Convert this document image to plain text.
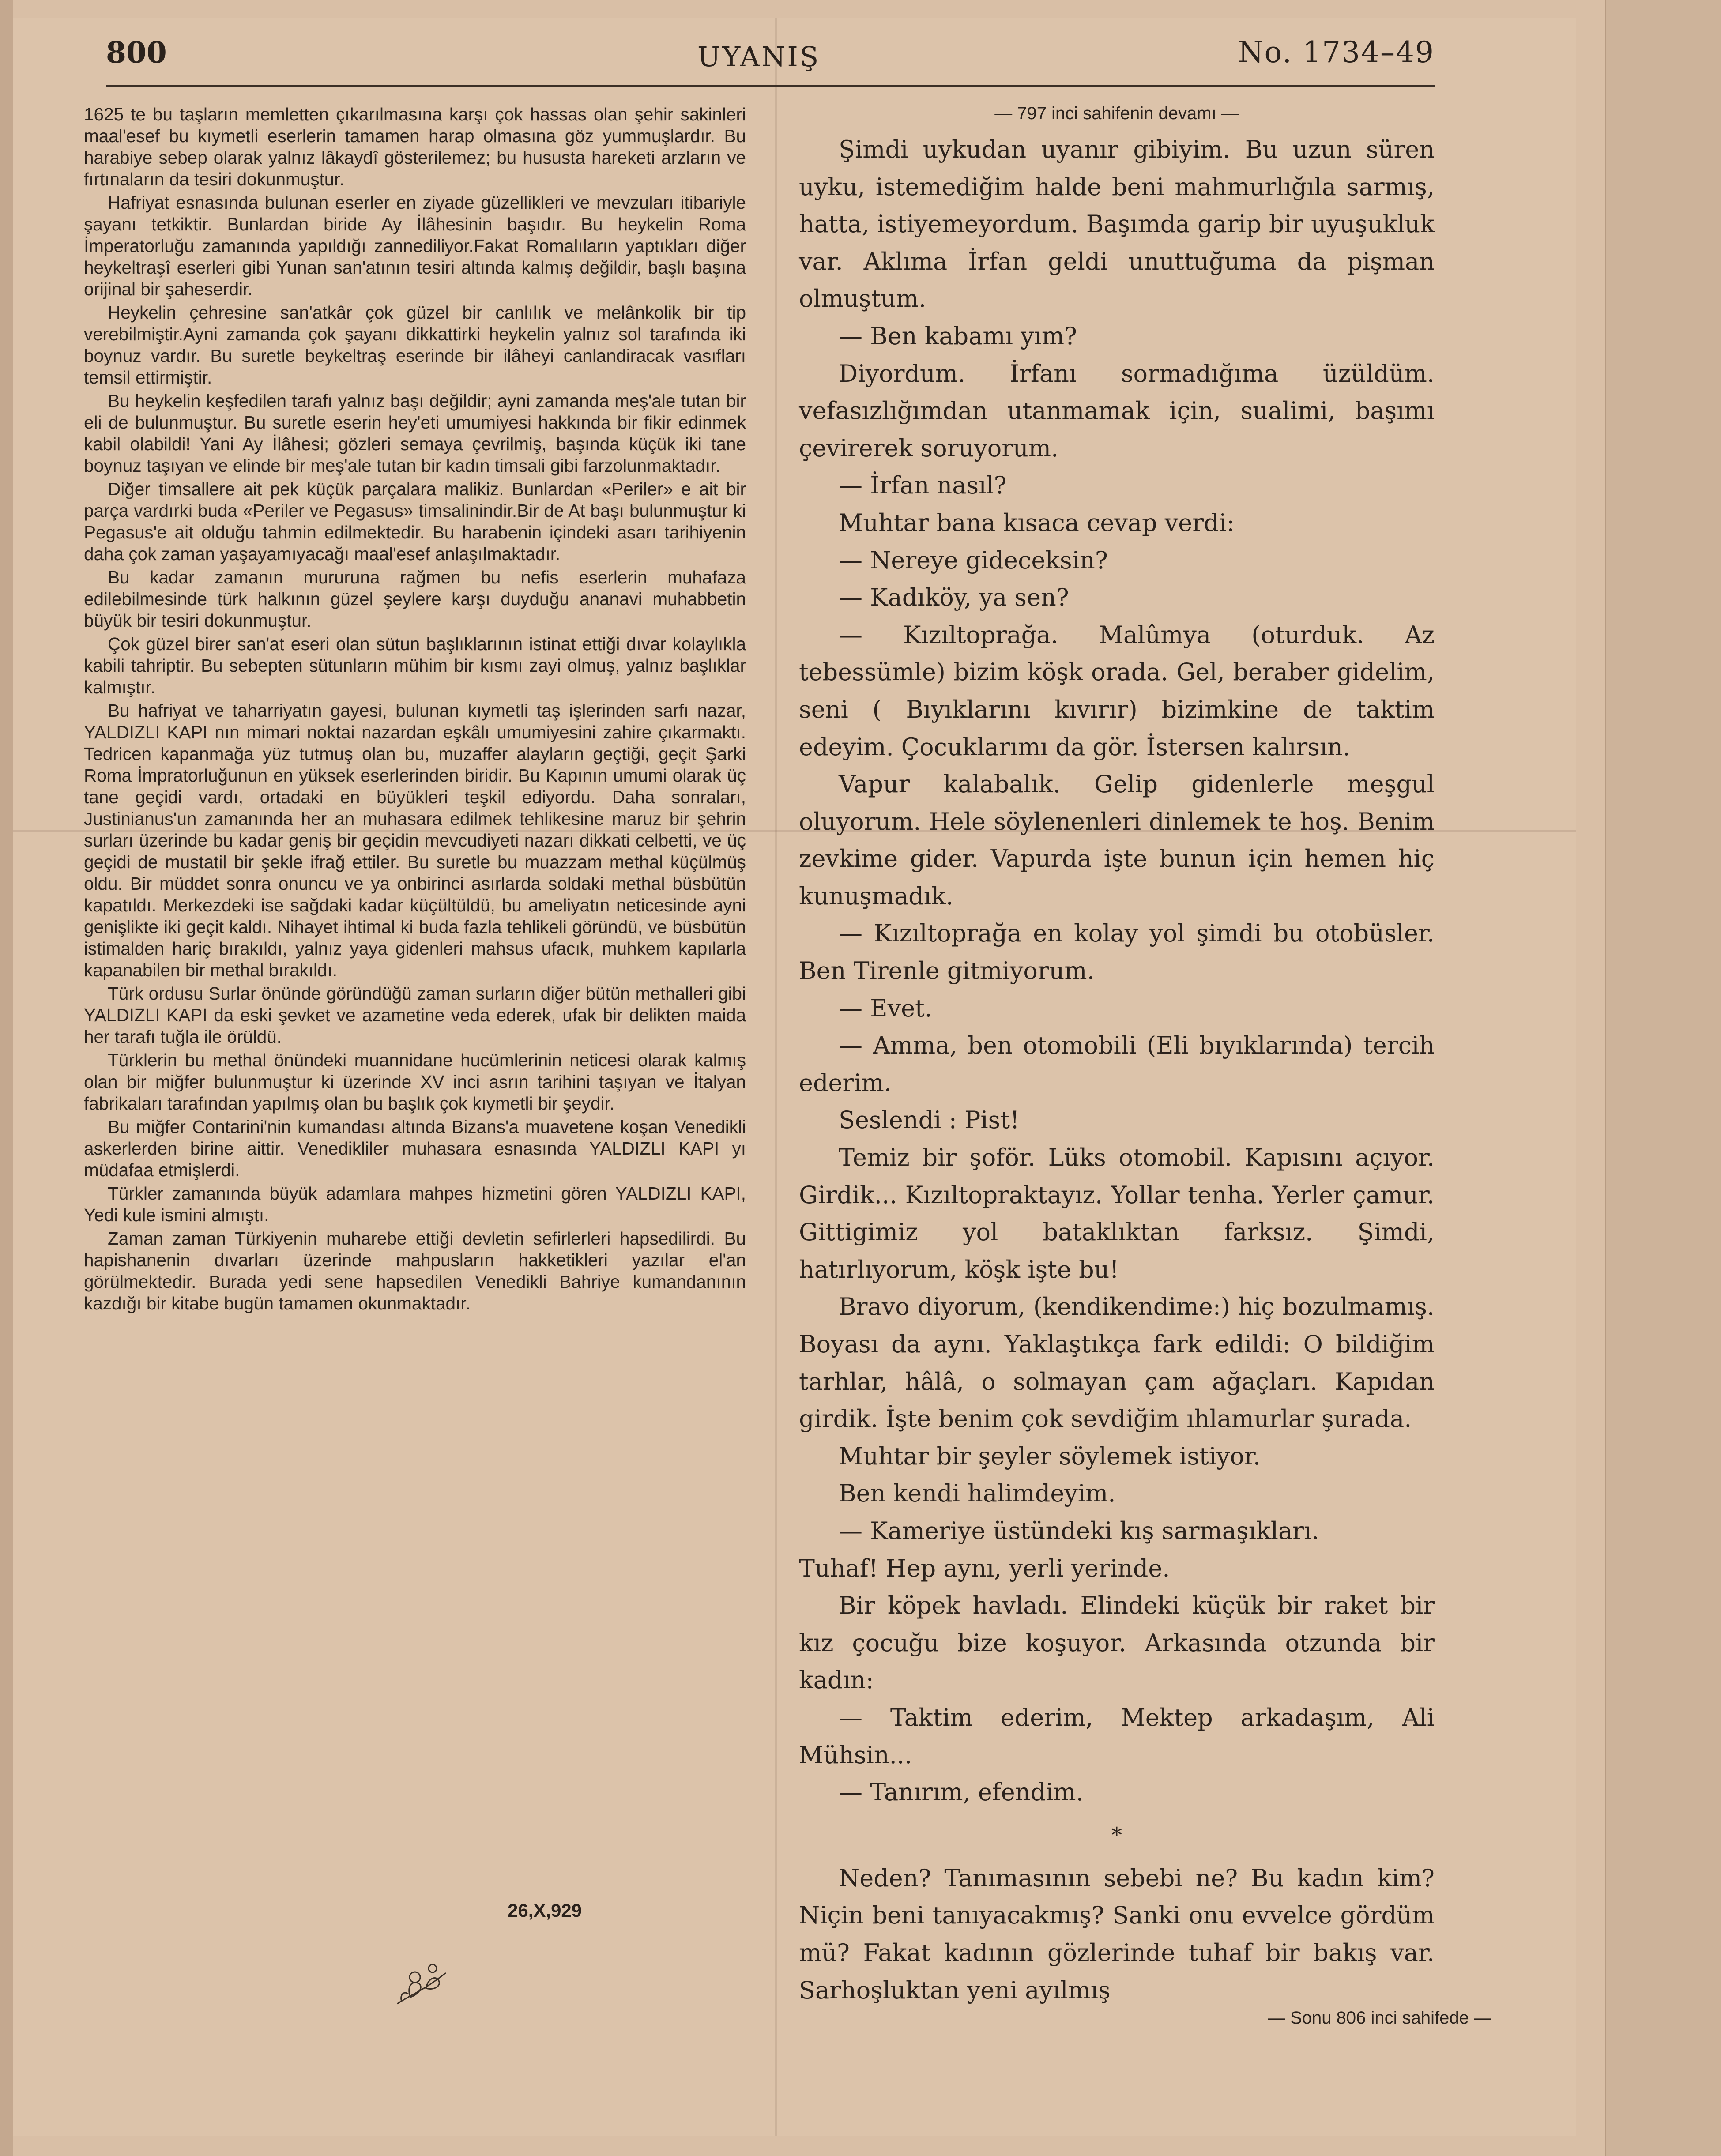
800	UYANIŞ	No. 1734–49

1625 te bu taşların memletten çıkarılmasına karşı çok hassas olan şehir sakinleri maal'esef bu kıymetli eserlerin tamamen harap olmasına göz yummuşlardır. Bu harabiye sebep olarak yalnız lâkaydî gösterilemez; bu hususta hareketi arzların ve fırtınaların da tesiri dokunmuştur.

Hafriyat esnasında bulunan eserler en ziyade güzellikleri ve mevzuları itibariyle şayanı tetkiktir. Bunlardan biride Ay İlâhesinin başıdır. Bu heykelin Roma İmperatorluğu zamanında yapıldığı zannediliyor.Fakat Romalıların yaptıkları diğer heykeltraşî eserleri gibi Yunan san'atının tesiri altında kalmış değildir, başlı başına orijinal bir şaheserdir.

Heykelin çehresine san'atkâr çok güzel bir canlılık ve melânkolik bir tip verebilmiştir.Ayni zamanda çok şayanı dikkattirki heykelin yalnız sol tarafında iki boynuz vardır. Bu suretle beykeltraş eserinde bir ilâheyi canlandiracak vasıfları temsil ettirmiştir.

Bu heykelin keşfedilen tarafı yalnız başı değildir; ayni zamanda meş'ale tutan bir eli de bulunmuştur. Bu suretle eserin hey'eti umumiyesi hakkında bir fikir edinmek kabil olabildi! Yani Ay İlâhesi; gözleri semaya çevrilmiş, başında küçük iki tane boynuz taşıyan ve elinde bir meş'ale tutan bir kadın timsali gibi farzolunmaktadır.

Diğer timsallere ait pek küçük parçalara malikiz. Bunlardan «Periler» e ait bir parça vardırki buda «Periler ve Pegasus» timsalinindir.Bir de At başı bulunmuştur ki Pegasus'e ait olduğu tahmin edilmektedir. Bu harabenin içindeki asarı tarihiyenin daha çok zaman yaşayamıyacağı maal'esef anlaşılmaktadır.

Bu kadar zamanın mururuna rağmen bu nefis eserlerin muhafaza edilebilmesinde türk halkının güzel şeylere karşı duyduğu ananavi muhabbetin büyük bir tesiri dokunmuştur.

Çok güzel birer san'at eseri olan sütun başlıklarının istinat ettiği dıvar kolaylıkla kabili tahriptir. Bu sebepten sütunların mühim bir kısmı zayi olmuş, yalnız başlıklar kalmıştır.

Bu hafriyat ve taharriyatın gayesi, bulunan kıymetli taş işlerinden sarfı nazar, YALDIZLI KAPI nın mimari noktai nazardan eşkâlı umumiyesini zahire çıkarmaktı. Tedricen kapanmağa yüz tutmuş olan bu, muzaffer alayların geçtiği, geçit Şarki Roma İmpratorluğunun en yüksek eserlerinden biridir. Bu Kapının umumi olarak üç tane geçidi vardı, ortadaki en büyükleri teşkil ediyordu. Daha sonraları, Justinianus'un zamanında her an muhasara edilmek tehlikesine maruz bir şehrin surları üzerinde bu kadar geniş bir geçidin mevcudiyeti nazarı dikkati celbetti, ve üç geçidi de mustatil bir şekle ifrağ ettiler. Bu suretle bu muazzam methal küçülmüş oldu. Bir müddet sonra onuncu ve ya onbirinci asırlarda soldaki methal büsbütün kapatıldı. Merkezdeki ise sağdaki kadar küçültüldü, bu ameliyatın neticesinde ayni genişlikte iki geçit kaldı. Nihayet ihtimal ki buda fazla tehlikeli göründü, ve büsbütün istimalden hariç bırakıldı, yalnız yaya gidenleri mahsus ufacık, muhkem kapılarla kapanabilen bir methal bırakıldı.

Türk ordusu Surlar önünde göründüğü zaman surların diğer bütün methalleri gibi YALDIZLI KAPI da eski şevket ve azametine veda ederek, ufak bir delikten maida her tarafı tuğla ile örüldü.

Türklerin bu methal önündeki muannidane hucümlerinin neticesi olarak kalmış olan bir miğfer bulunmuştur ki üzerinde XV inci asrın tarihini taşıyan ve İtalyan fabrikaları tarafından yapılmış olan bu başlık çok kıymetli bir şeydir.

Bu miğfer Contarini'nin kumandası altında Bizans'a muavetene koşan Venedikli askerlerden birine aittir. Venedikliler muhasara esnasında YALDIZLI KAPI yı müdafaa etmişlerdi.

Türkler zamanında büyük adamlara mahpes hizmetini gören YALDIZLI KAPI, Yedi kule ismini almıştı.

Zaman zaman Türkiyenin muharebe ettiği devletin sefirlerleri hapsedilirdi. Bu hapishanenin dıvarları üzerinde mahpusların hakketikleri yazılar el'an görülmektedir. Burada yedi sene hapsedilen Venedikli Bahriye kumandanının kazdığı bir kitabe bugün tamamen okunmaktadır.

26,X,929

— 797 inci sahifenin devamı —

Şimdi uykudan uyanır gibiyim. Bu uzun süren uyku, istemediğim halde beni mahmurlığıla sarmış, hatta, istiyemeyordum. Başımda garip bir uyuşukluk var. Aklıma İrfan geldi unuttuğuma da pişman olmuştum.

— Ben kabamı yım?

Diyordum. İrfanı sormadığıma üzüldüm. vefasızlığımdan utanmamak için, sualimi, başımı çevirerek soruyorum.

— İrfan nasıl?

Muhtar bana kısaca cevap verdi:

— Nereye gideceksin?

— Kadıköy, ya sen?

— Kızıltoprağa. Malûmya (oturduk. Az tebessümle) bizim köşk orada. Gel, beraber gidelim, seni ( Bıyıklarını kıvırır) bizimkine de taktim edeyim. Çocuklarımı da gör. İstersen kalırsın.

Vapur kalabalık. Gelip gidenlerle meşgul oluyorum. Hele söylenenleri dinlemek te hoş. Benim zevkime gider. Vapurda işte bunun için hemen hiç kunuşmadık.

— Kızıltoprağa en kolay yol şimdi bu otobüsler. Ben Tirenle gitmiyorum.

— Evet.

— Amma, ben otomobili (Eli bıyıklarında) tercih ederim.

Seslendi : Pist!

Temiz bir şoför. Lüks otomobil. Kapısını açıyor. Girdik... Kızıltopraktayız. Yollar tenha. Yerler çamur. Gittigimiz yol bataklıktan farksız. Şimdi, hatırlıyorum, köşk işte bu!

Bravo diyorum, (kendikendime:) hiç bozulmamış. Boyası da aynı. Yaklaştıkça fark edildi: O bildiğim tarhlar, hâlâ, o solmayan çam ağaçları. Kapıdan girdik. İşte benim çok sevdiğim ıhlamurlar şurada.

Muhtar bir şeyler söylemek istiyor.

Ben kendi halimdeyim.

— Kameriye üstündeki kış sarmaşıkları.

Tuhaf! Hep aynı, yerli yerinde.

Bir köpek havladı. Elindeki küçük bir raket bir kız çocuğu bize koşuyor. Arkasında otzunda bir kadın:

— Taktim ederim, Mektep arkadaşım, Ali Mühsin...

— Tanırım, efendim.

*

Neden? Tanımasının sebebi ne? Bu kadın kim? Niçin beni tanıyacakmış? Sanki onu evvelce gördüm mü? Fakat kadının gözlerinde tuhaf bir bakış var. Sarhoşluktan yeni ayılmış

— Sonu 806 inci sahifede —
